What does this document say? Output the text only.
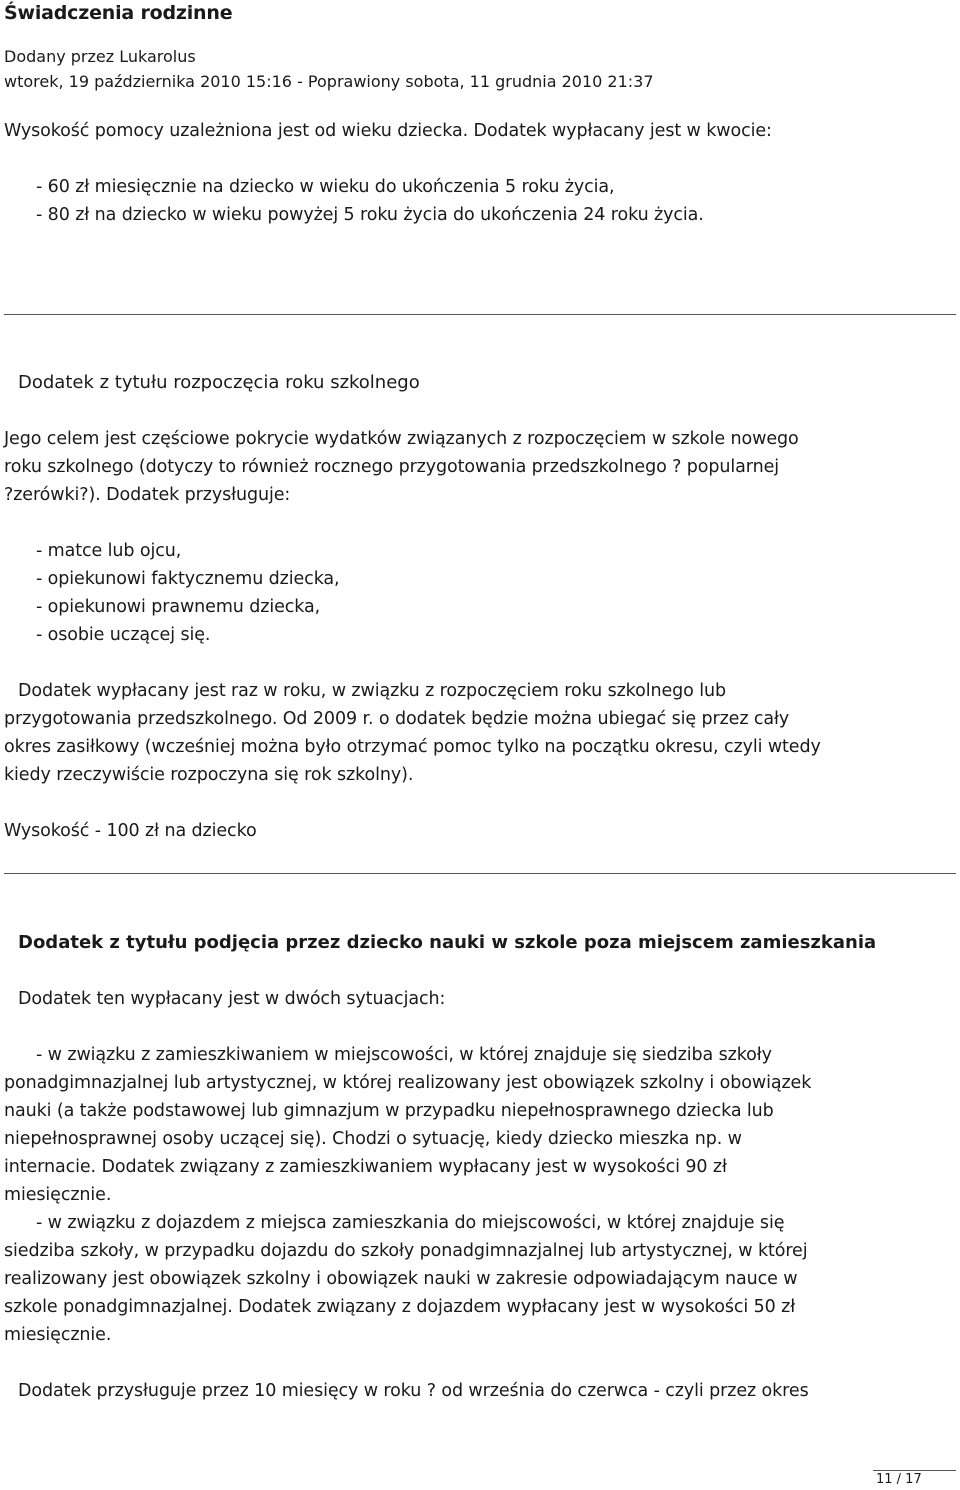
Świadczenia rodzinne
Dodany przez Lukarolus
wtorek, 19 października 2010 15:16 - Poprawiony sobota, 11 grudnia 2010 21:37
Wysokość pomocy uzależniona jest od wieku dziecka. Dodatek wypłacany jest w kwocie:
- 60 zł miesięcznie na dziecko w wieku do ukończenia 5 roku życia,
- 80 zł na dziecko w wieku powyżej 5 roku życia do ukończenia 24 roku życia.
Dodatek z tytułu rozpoczęcia roku szkolnego
Jego celem jest częściowe pokrycie wydatków związanych z rozpoczęciem w szkole nowego
roku szkolnego (dotyczy to również rocznego przygotowania przedszkolnego ? popularnej
?zerówki?). Dodatek przysługuje:
- matce lub ojcu,
- opiekunowi faktycznemu dziecka,
- opiekunowi prawnemu dziecka,
- osobie uczącej się.
Dodatek wypłacany jest raz w roku, w związku z rozpoczęciem roku szkolnego lub
przygotowania przedszkolnego. Od 2009 r. o dodatek będzie można ubiegać się przez cały
okres zasiłkowy (wcześniej można było otrzymać pomoc tylko na początku okresu, czyli wtedy
kiedy rzeczywiście rozpoczyna się rok szkolny).
Wysokość - 100 zł na dziecko
Dodatek z tytułu podjęcia przez dziecko nauki w szkole poza miejscem zamieszkania
Dodatek ten wypłacany jest w dwóch sytuacjach:
- w związku z zamieszkiwaniem w miejscowości, w której znajduje się siedziba szkoły
ponadgimnazjalnej lub artystycznej, w której realizowany jest obowiązek szkolny i obowiązek
nauki (a także podstawowej lub gimnazjum w przypadku niepełnosprawnego dziecka lub
niepełnosprawnej osoby uczącej się). Chodzi o sytuację, kiedy dziecko mieszka np. w
internacie. Dodatek związany z zamieszkiwaniem wypłacany jest w wysokości 90 zł
miesięcznie.
- w związku z dojazdem z miejsca zamieszkania do miejscowości, w której znajduje się
siedziba szkoły, w przypadku dojazdu do szkoły ponadgimnazjalnej lub artystycznej, w której
realizowany jest obowiązek szkolny i obowiązek nauki w zakresie odpowiadającym nauce w
szkole ponadgimnazjalnej. Dodatek związany z dojazdem wypłacany jest w wysokości 50 zł
miesięcznie.
Dodatek przysługuje przez 10 miesięcy w roku ? od września do czerwca - czyli przez okres
11 / 17
